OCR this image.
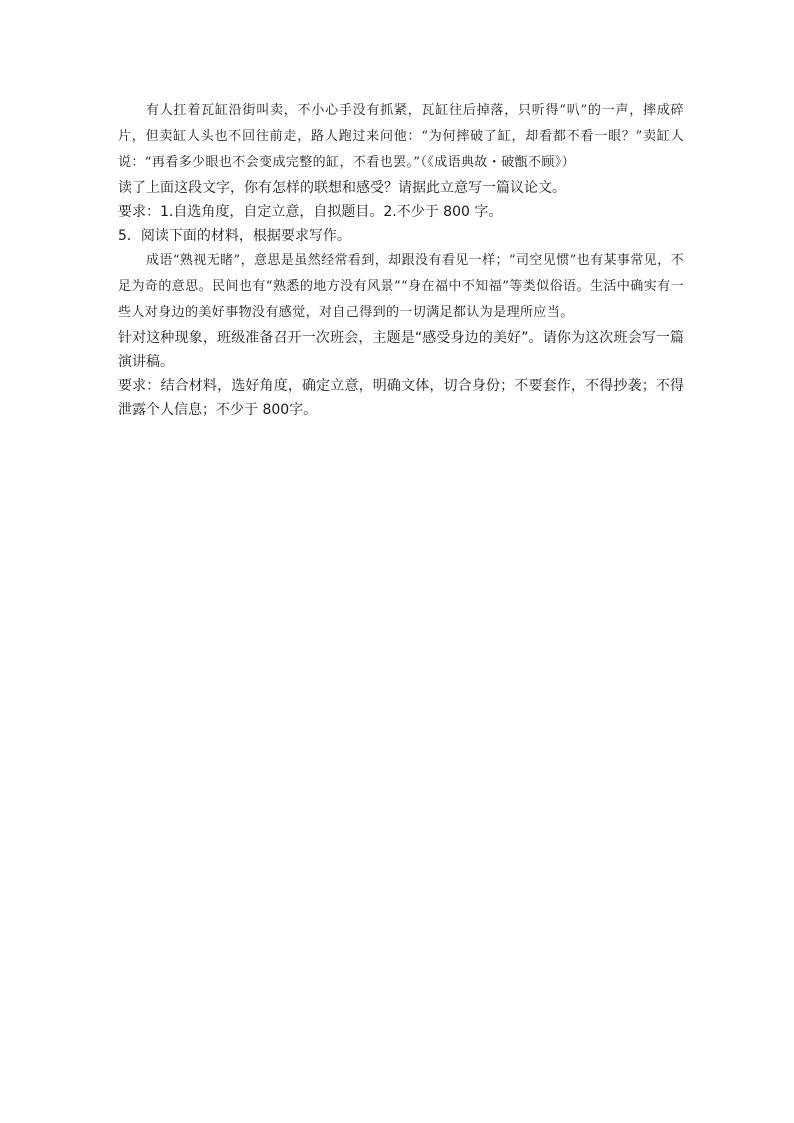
有人扛着瓦缸沿街叫卖，不小心手没有抓紧，瓦缸往后掉落，只听得“叭”的一声，摔成碎片，但卖缸人头也不回往前走，路人跑过来问他：“为何摔破了缸，却看都不看一眼？”卖缸人说：“再看多少眼也不会变成完整的缸，不看也罢。”（《成语典故・破甑不顾》）

读了上面这段文字，你有怎样的联想和感受？请据此立意写一篇议论文。

要求：1.自选角度，自定立意，自拟题目。2.不少于 800 字。

5．阅读下面的材料，根据要求写作。

成语“熟视无睹”，意思是虽然经常看到，却跟没有看见一样；“司空见惯”也有某事常见，不足为奇的意思。民间也有“熟悉的地方没有风景”“身在福中不知福”等类似俗语。生活中确实有一些人对身边的美好事物没有感觉，对自己得到的一切满足都认为是理所应当。

针对这种现象，班级准备召开一次班会，主题是“感受身边的美好”。请你为这次班会写一篇演讲稿。

要求：结合材料，选好角度，确定立意，明确文体，切合身份；不要套作，不得抄袭；不得泄露个人信息；不少于 800字。
